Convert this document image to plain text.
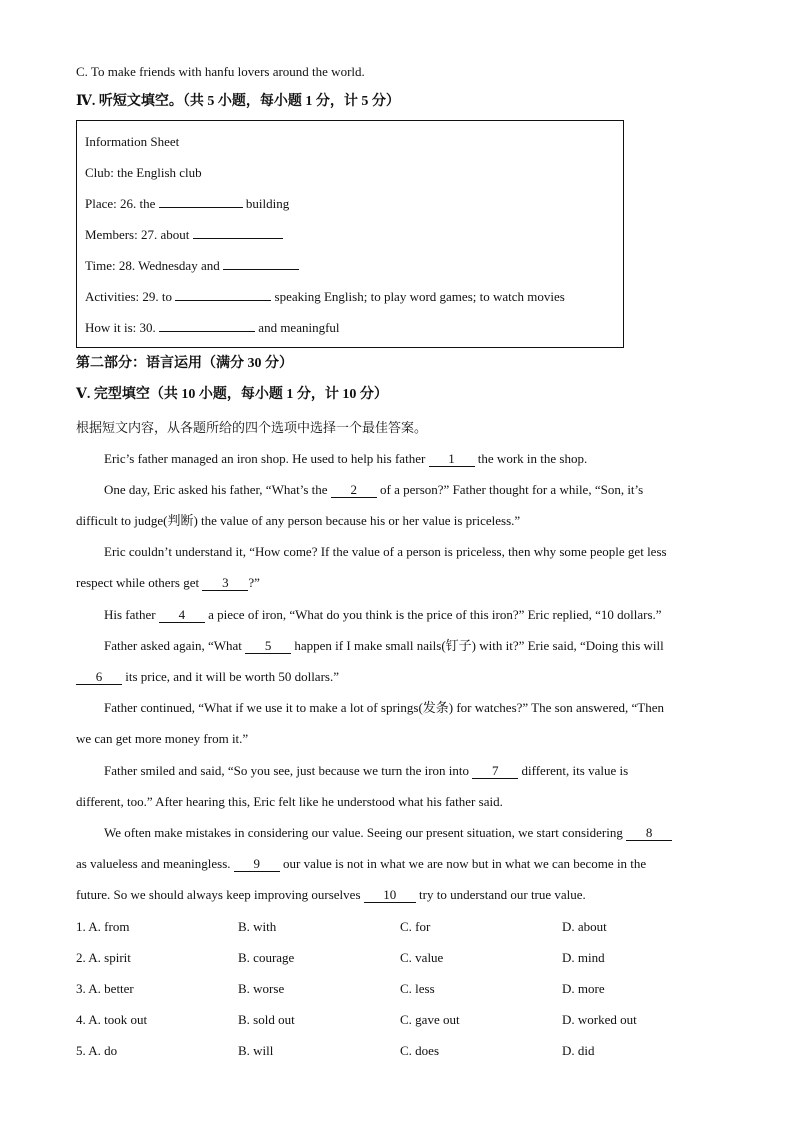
C. To make friends with hanfu lovers around the world.
Ⅳ. 听短文填空。（共 5 小题，每小题 1 分，计 5 分）
Information Sheet
Club: the English club
Place: 26. the	building
Members: 27. about
Time: 28. Wednesday and
Activities: 29. to	speaking English; to play word games; to watch movies
How it is: 30.	and meaningful
第二部分：语言运用（满分 30 分）
Ⅴ. 完型填空（共 10 小题，每小题 1 分，计 10 分）
根据短文内容，从各题所给的四个选项中选择一个最佳答案。
Eric’s father managed an iron shop. He used to help his father 1 the work in the shop.
One day, Eric asked his father, “What’s the 2 of a person?” Father thought for a while, “Son, it’s
difficult to judge(判断) the value of any person because his or her value is priceless.”
Eric couldn’t understand it, “How come? If the value of a person is priceless, then why some people get less
respect while others get 3 ?”
His father 4 a piece of iron, “What do you think is the price of this iron?” Eric replied, “10 dollars.”
Father asked again, “What 5 happen if I make small nails(钉子) with it?” Erie said, “Doing this will
6 its price, and it will be worth 50 dollars.”
Father continued, “What if we use it to make a lot of springs(发条) for watches?” The son answered, “Then
we can get more money from it.”
Father smiled and said, “So you see, just because we turn the iron into 7 different, its value is
different, too.” After hearing this, Eric felt like he understood what his father said.
We often make mistakes in considering our value. Seeing our present situation, we start considering 8
as valueless and meaningless. 9 our value is not in what we are now but in what we can become in the
future. So we should always keep improving ourselves 10 try to understand our true value.
1. A. from	B. with	C. for	D. about
2. A. spirit	B. courage	C. value	D. mind
3. A. better	B. worse	C. less	D. more
4. A. took out	B. sold out	C. gave out	D. worked out
5. A. do	B. will	C. does	D. did
